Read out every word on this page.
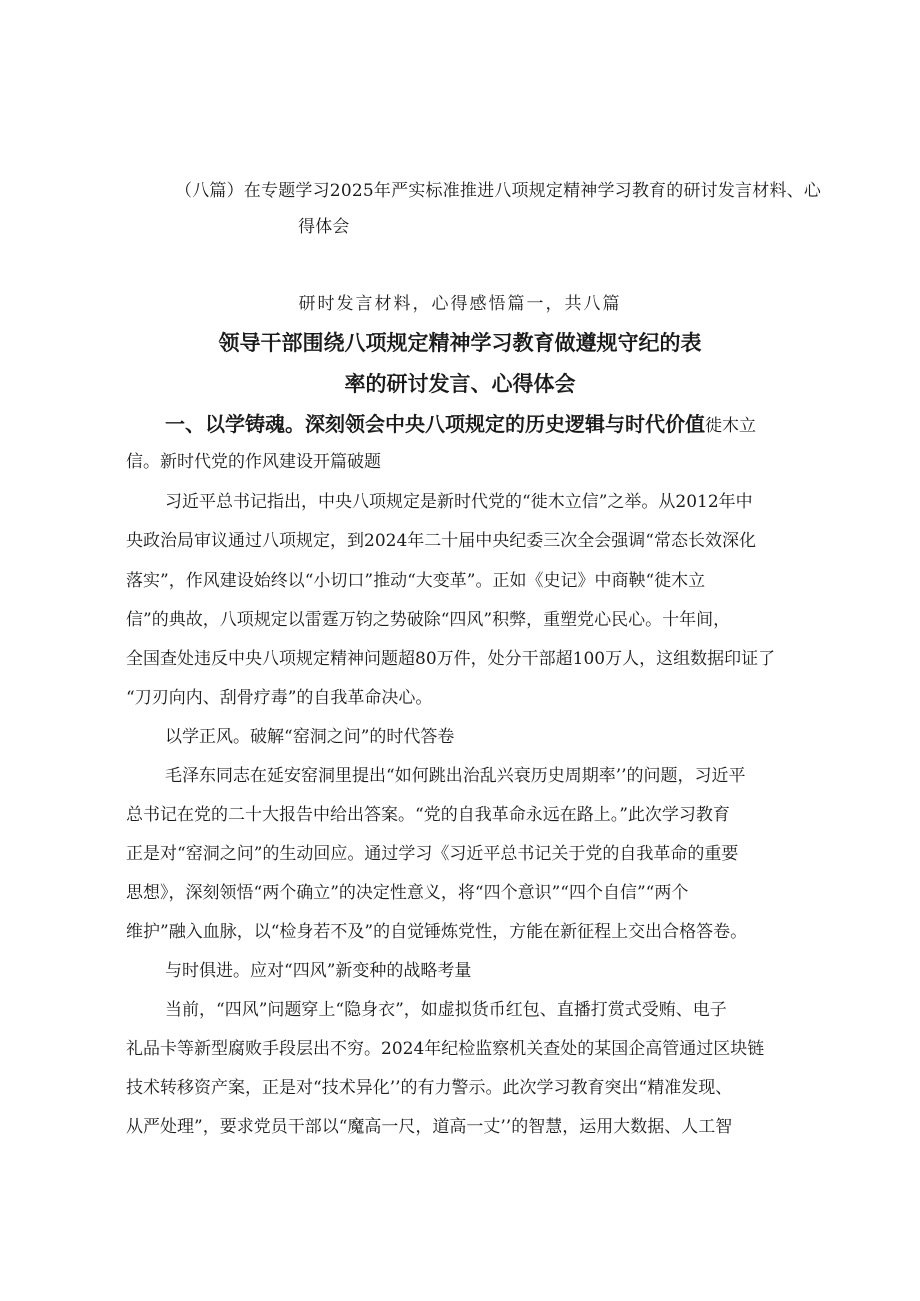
（八篇）在专题学习2025年严实标准推进八项规定精神学习教育的研讨发言材料、心
得体会
研时发言材料，心得感悟篇一，共八篇
领导干部围绕八项规定精神学习教育做遵规守纪的表
率的研讨发言、心得体会
一、以学铸魂。深刻领会中央八项规定的历史逻辑与时代价值徙木立
信。新时代党的作风建设开篇破题
习近平总书记指出，中央八项规定是新时代党的“徙木立信”之举。从2012年中
央政治局审议通过八项规定，到2024年二十届中央纪委三次全会强调“常态长效深化
落实”，作风建设始终以“小切口”推动“大变革”。正如《史记》中商鞅“徙木立
信”的典故，八项规定以雷霆万钧之势破除“四风”积弊，重塑党心民心。十年间，
全国查处违反中央八项规定精神问题超80万件，处分干部超100万人，这组数据印证了
“刀刃向内、刮骨疗毒”的自我革命决心。
以学正风。破解“窑洞之问”的时代答卷
毛泽东同志在延安窑洞里提出“如何跳出治乱兴衰历史周期率’’的问题，习近平
总书记在党的二十大报告中给出答案。“党的自我革命永远在路上。”此次学习教育
正是对“窑洞之问”的生动回应。通过学习《习近平总书记关于党的自我革命的重要
思想》，深刻领悟“两个确立”的决定性意义，将“四个意识”“四个自信”“两个
维护”融入血脉，以“检身若不及”的自觉锤炼党性，方能在新征程上交出合格答卷。
与时俱进。应对“四风”新变种的战略考量
当前，“四风”问题穿上“隐身衣”，如虚拟货币红包、直播打赏式受贿、电子
礼品卡等新型腐败手段层出不穷。2024年纪检监察机关查处的某国企高管通过区块链
技术转移资产案，正是对“技术异化’’的有力警示。此次学习教育突出“精准发现、
从严处理”，要求党员干部以“魔高一尺，道高一丈’’的智慧，运用大数据、人工智
